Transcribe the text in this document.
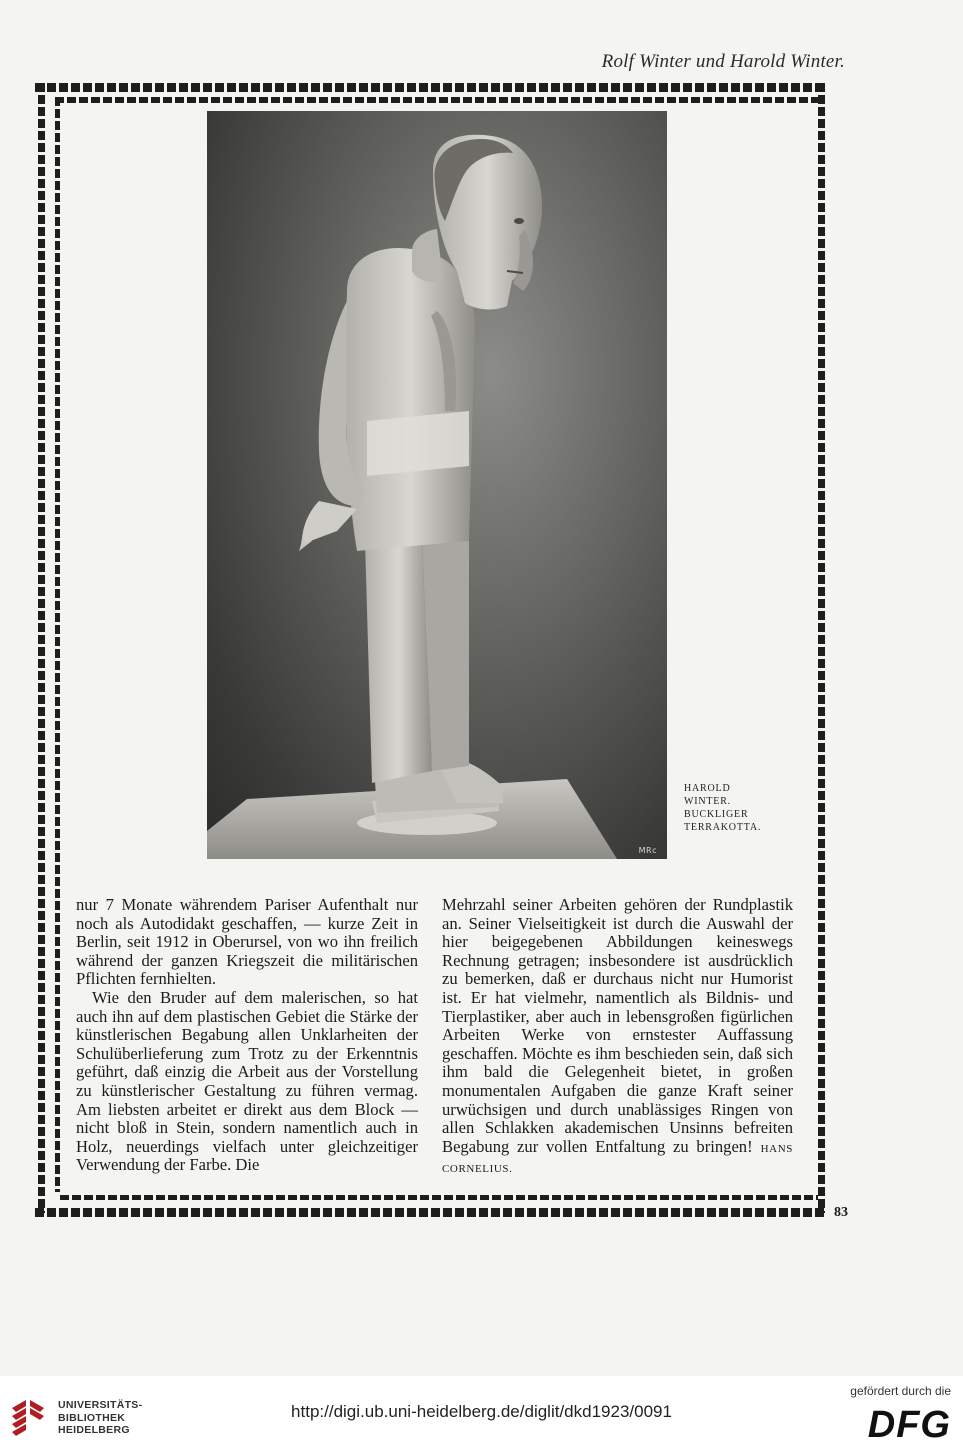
Rolf Winter und Harold Winter.
MRc
HAROLD
WINTER.
BUCKLIGER
TERRAKOTTA.

nur 7 Monate währendem Pariser Aufenthalt nur noch als Autodidakt geschaffen, — kurze Zeit in Berlin, seit 1912 in Oberursel, von wo ihn freilich während der ganzen Kriegszeit die militärischen Pflichten fernhielten.

Wie den Bruder auf dem malerischen, so hat auch ihn auf dem plastischen Gebiet die Stärke der künstlerischen Begabung allen Unklarheiten der Schulüberlieferung zum Trotz zu der Erkenntnis geführt, daß einzig die Arbeit aus der Vorstellung zu künstlerischer Gestaltung zu führen vermag. Am liebsten arbeitet er direkt aus dem Block — nicht bloß in Stein, sondern namentlich auch in Holz, neuerdings vielfach unter gleichzeitiger Verwendung der Farbe. Die

Mehrzahl seiner Arbeiten gehören der Rundplastik an. Seiner Vielseitigkeit ist durch die Auswahl der hier beigegebenen Abbildungen keineswegs Rechnung getragen; insbesondere ist ausdrücklich zu bemerken, daß er durchaus nicht nur Humorist ist. Er hat vielmehr, namentlich als Bildnis- und Tierplastiker, aber auch in lebensgroßen figürlichen Arbeiten Werke von ernstester Auffassung geschaffen. Möchte es ihm beschieden sein, daß sich ihm bald die Gelegenheit bietet, in großen monumentalen Aufgaben die ganze Kraft seiner urwüchsigen und durch unablässiges Ringen von allen Schlakken akademischen Unsinns befreiten Begabung zur vollen Entfaltung zu bringen! HANS CORNELIUS.

83
UNIVERSITÄTS-
BIBLIOTHEK
HEIDELBERG
http://digi.ub.uni-heidelberg.de/diglit/dkd1923/0091
gefördert durch die
DFG
